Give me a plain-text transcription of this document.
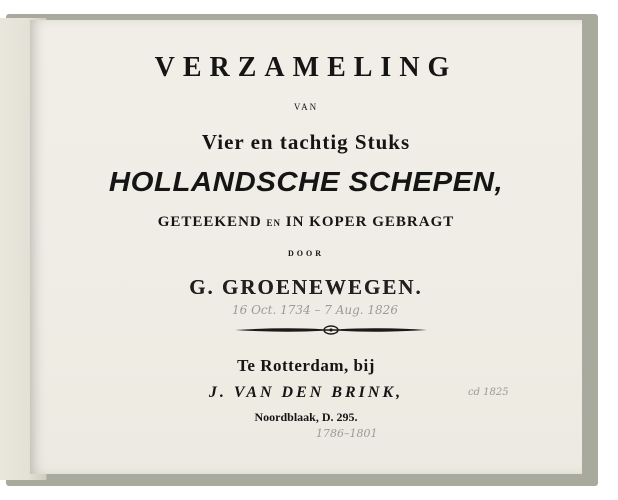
VERZAMELING
VAN
Vier en tachtig Stuks
HOLLANDSCHE SCHEPEN,
GETEEKEND EN IN KOPER GEBRAGT
DOOR
G. GROENEWEGEN.
16 Oct. 1734 – 7 Aug. 1826
Te Rotterdam, bij
J. VAN DEN BRINK,	cd 1825
Noordblaak, D. 295.
1786–1801
